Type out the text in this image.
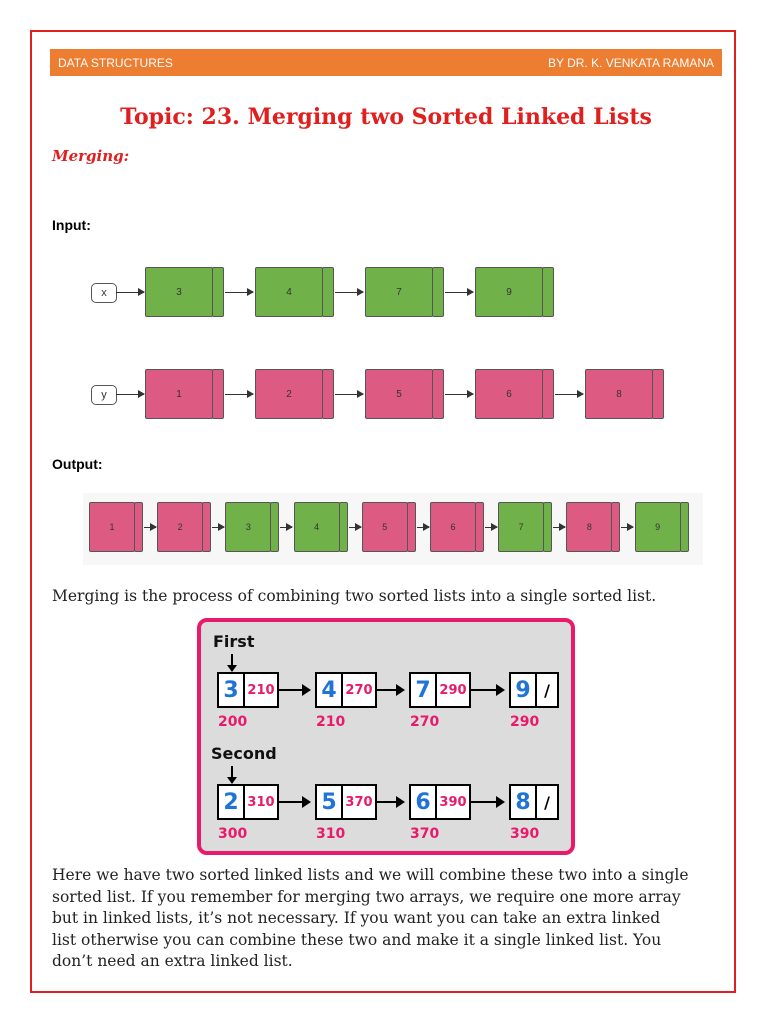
DATA STRUCTURES	BY DR. K. VENKATA RAMANA
Topic: 23. Merging two Sorted Linked Lists
Merging:
Input:
x	3	4	7	9
y	1	2	5	6	8
Output:
1	2	3	4	5	6	7	8	9
Merging is the process of combining two sorted lists into a single sorted list.
First
Second
3 210
200
4 270
210
7 290
270
9 /
290
2 310
300
5 370
310
6 390
370
8 /
390
Here we have two sorted linked lists and we will combine these two into a single
sorted list. If you remember for merging two arrays, we require one more array
but in linked lists, it’s not necessary. If you want you can take an extra linked
list otherwise you can combine these two and make it a single linked list. You
don’t need an extra linked list.
